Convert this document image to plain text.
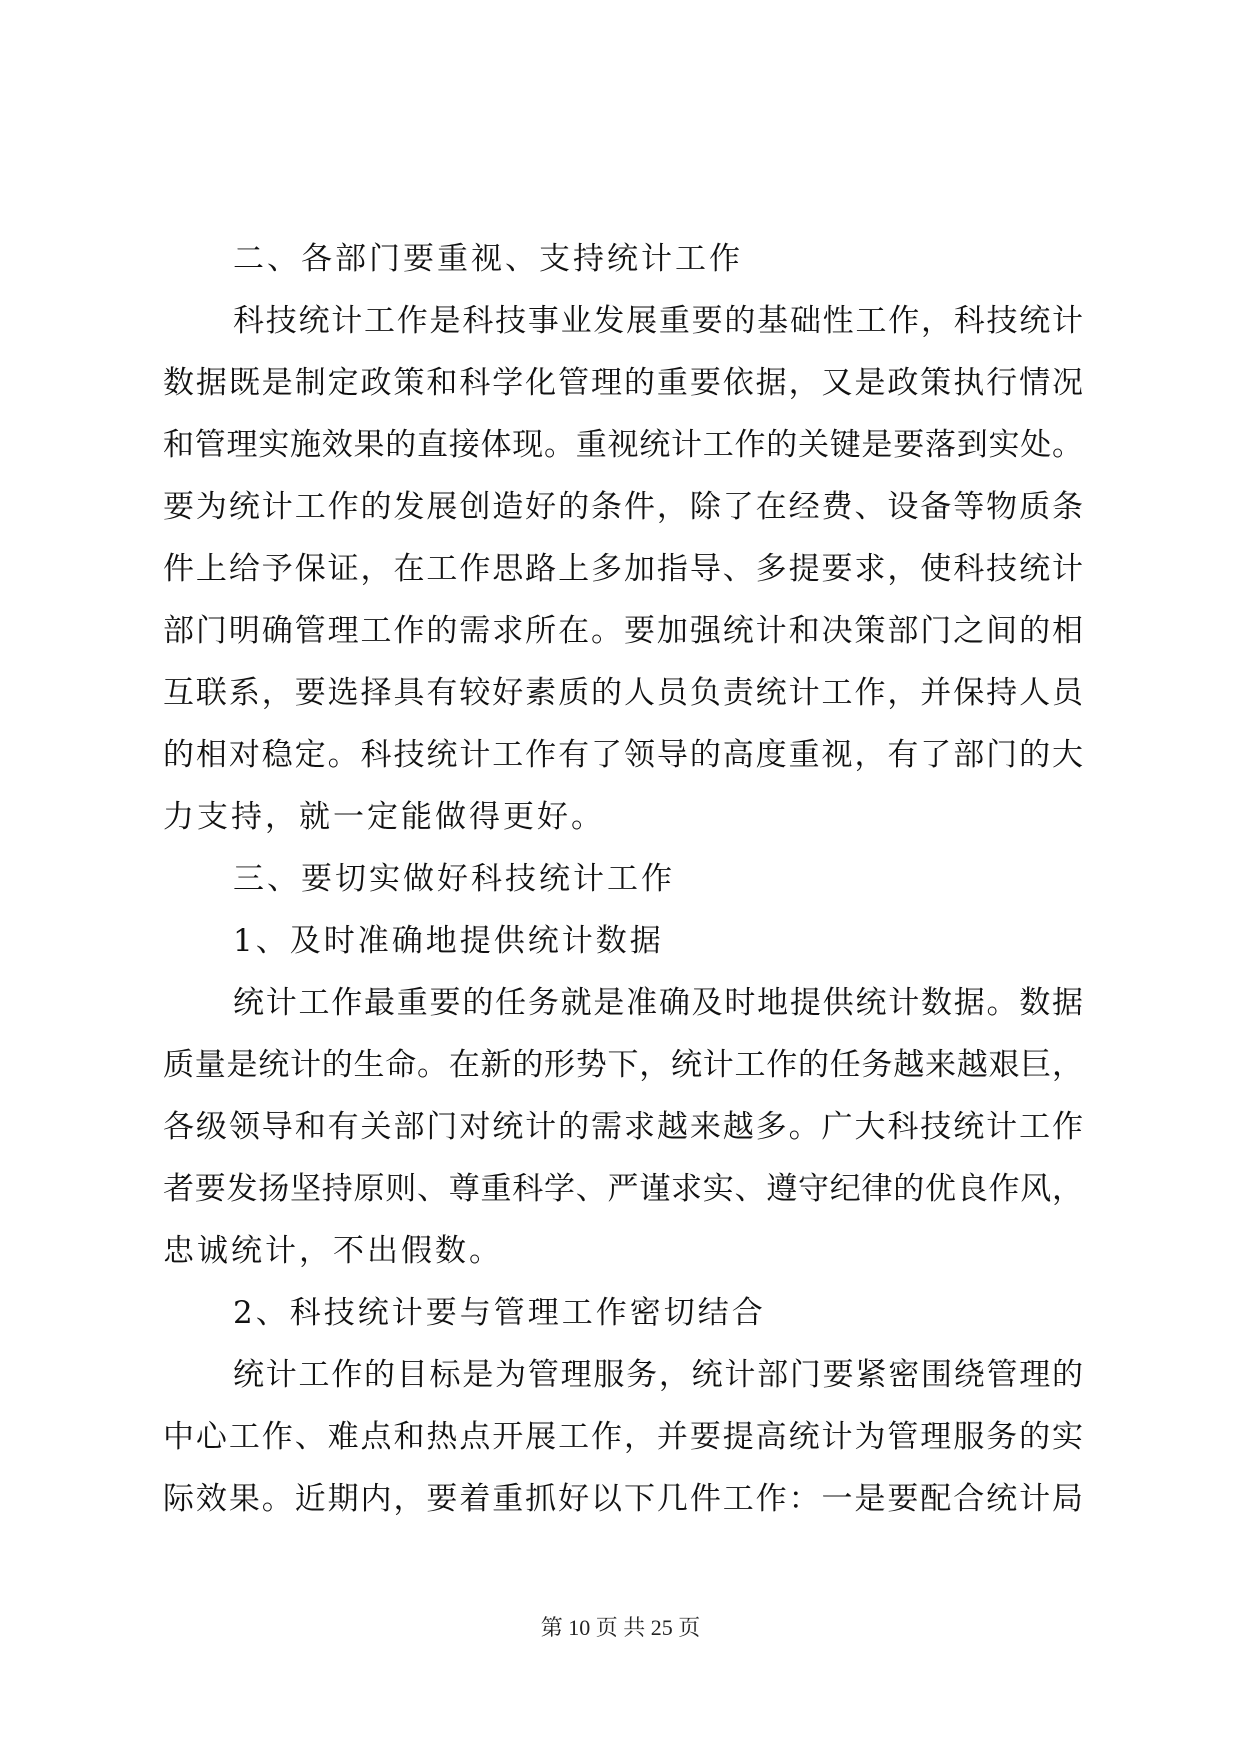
二、各部门要重视、支持统计工作
科技统计工作是科技事业发展重要的基础性工作，科技统计
数据既是制定政策和科学化管理的重要依据，又是政策执行情况
和管理实施效果的直接体现。重视统计工作的关键是要落到实处。
要为统计工作的发展创造好的条件，除了在经费、设备等物质条
件上给予保证，在工作思路上多加指导、多提要求，使科技统计
部门明确管理工作的需求所在。要加强统计和决策部门之间的相
互联系，要选择具有较好素质的人员负责统计工作，并保持人员
的相对稳定。科技统计工作有了领导的高度重视，有了部门的大
力支持，就一定能做得更好。
三、要切实做好科技统计工作
1、及时准确地提供统计数据
统计工作最重要的任务就是准确及时地提供统计数据。数据
质量是统计的生命。在新的形势下，统计工作的任务越来越艰巨，
各级领导和有关部门对统计的需求越来越多。广大科技统计工作
者要发扬坚持原则、尊重科学、严谨求实、遵守纪律的优良作风，
忠诚统计，不出假数。
2、科技统计要与管理工作密切结合
统计工作的目标是为管理服务，统计部门要紧密围绕管理的
中心工作、难点和热点开展工作，并要提高统计为管理服务的实
际效果。近期内，要着重抓好以下几件工作：一是要配合统计局
第 10 页 共 25 页
